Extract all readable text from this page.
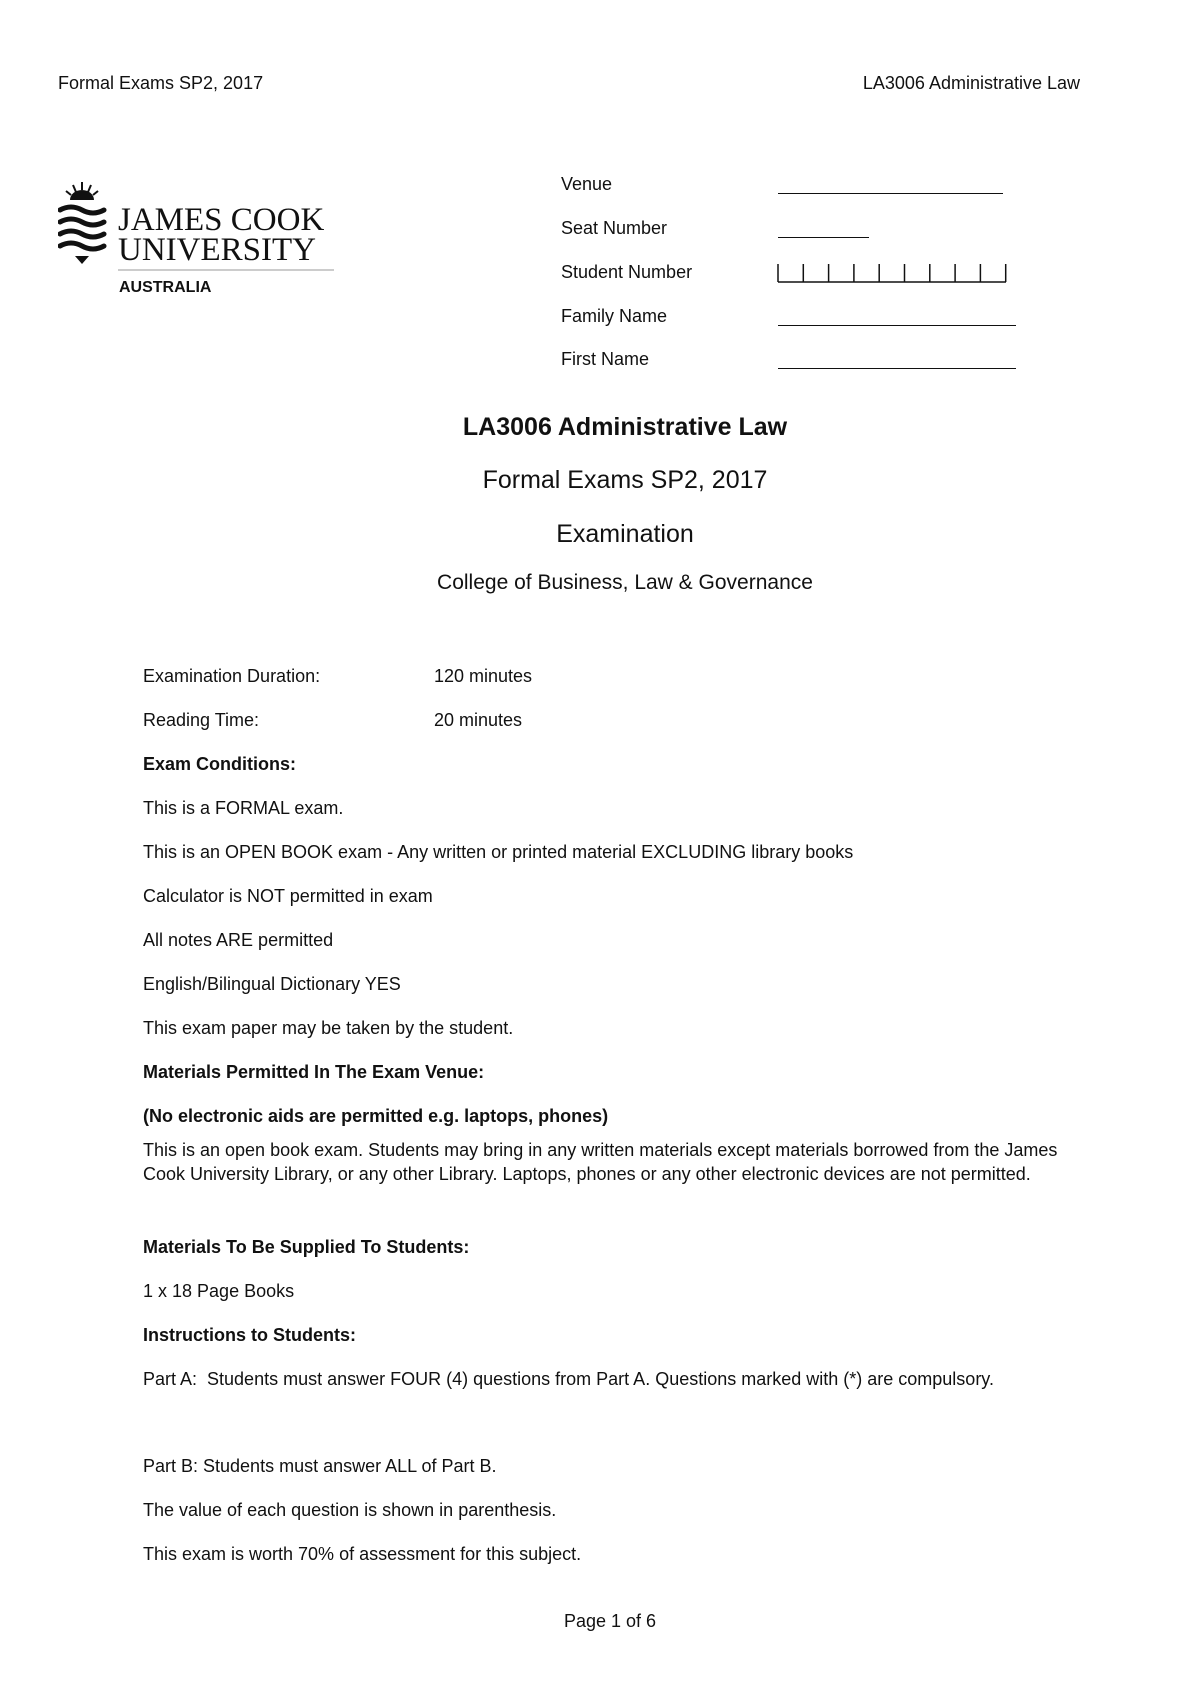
Formal Exams SP2, 2017	LA3006 Administrative Law
JAMES COOK
UNIVERSITY
AUSTRALIA
Venue
Seat Number
Student Number
Family Name
First Name
LA3006 Administrative Law
Formal Exams SP2, 2017
Examination
College of Business, Law & Governance
Examination Duration:	120 minutes
Reading Time:	20 minutes
Exam Conditions:
This is a FORMAL exam.
This is an OPEN BOOK exam - Any written or printed material EXCLUDING library books
Calculator is NOT permitted in exam
All notes ARE permitted
English/Bilingual Dictionary YES
This exam paper may be taken by the student.
Materials Permitted In The Exam Venue:
(No electronic aids are permitted e.g. laptops, phones)
This is an open book exam. Students may bring in any written materials except materials borrowed from the James Cook University Library, or any other Library. Laptops, phones or any other electronic devices are not permitted.
Materials To Be Supplied To Students:
1 x 18 Page Books
Instructions to Students:
Part A:  Students must answer FOUR (4) questions from Part A. Questions marked with (*) are compulsory.
Part B: Students must answer ALL of Part B.
The value of each question is shown in parenthesis.
This exam is worth 70% of assessment for this subject.
Page 1 of 6
